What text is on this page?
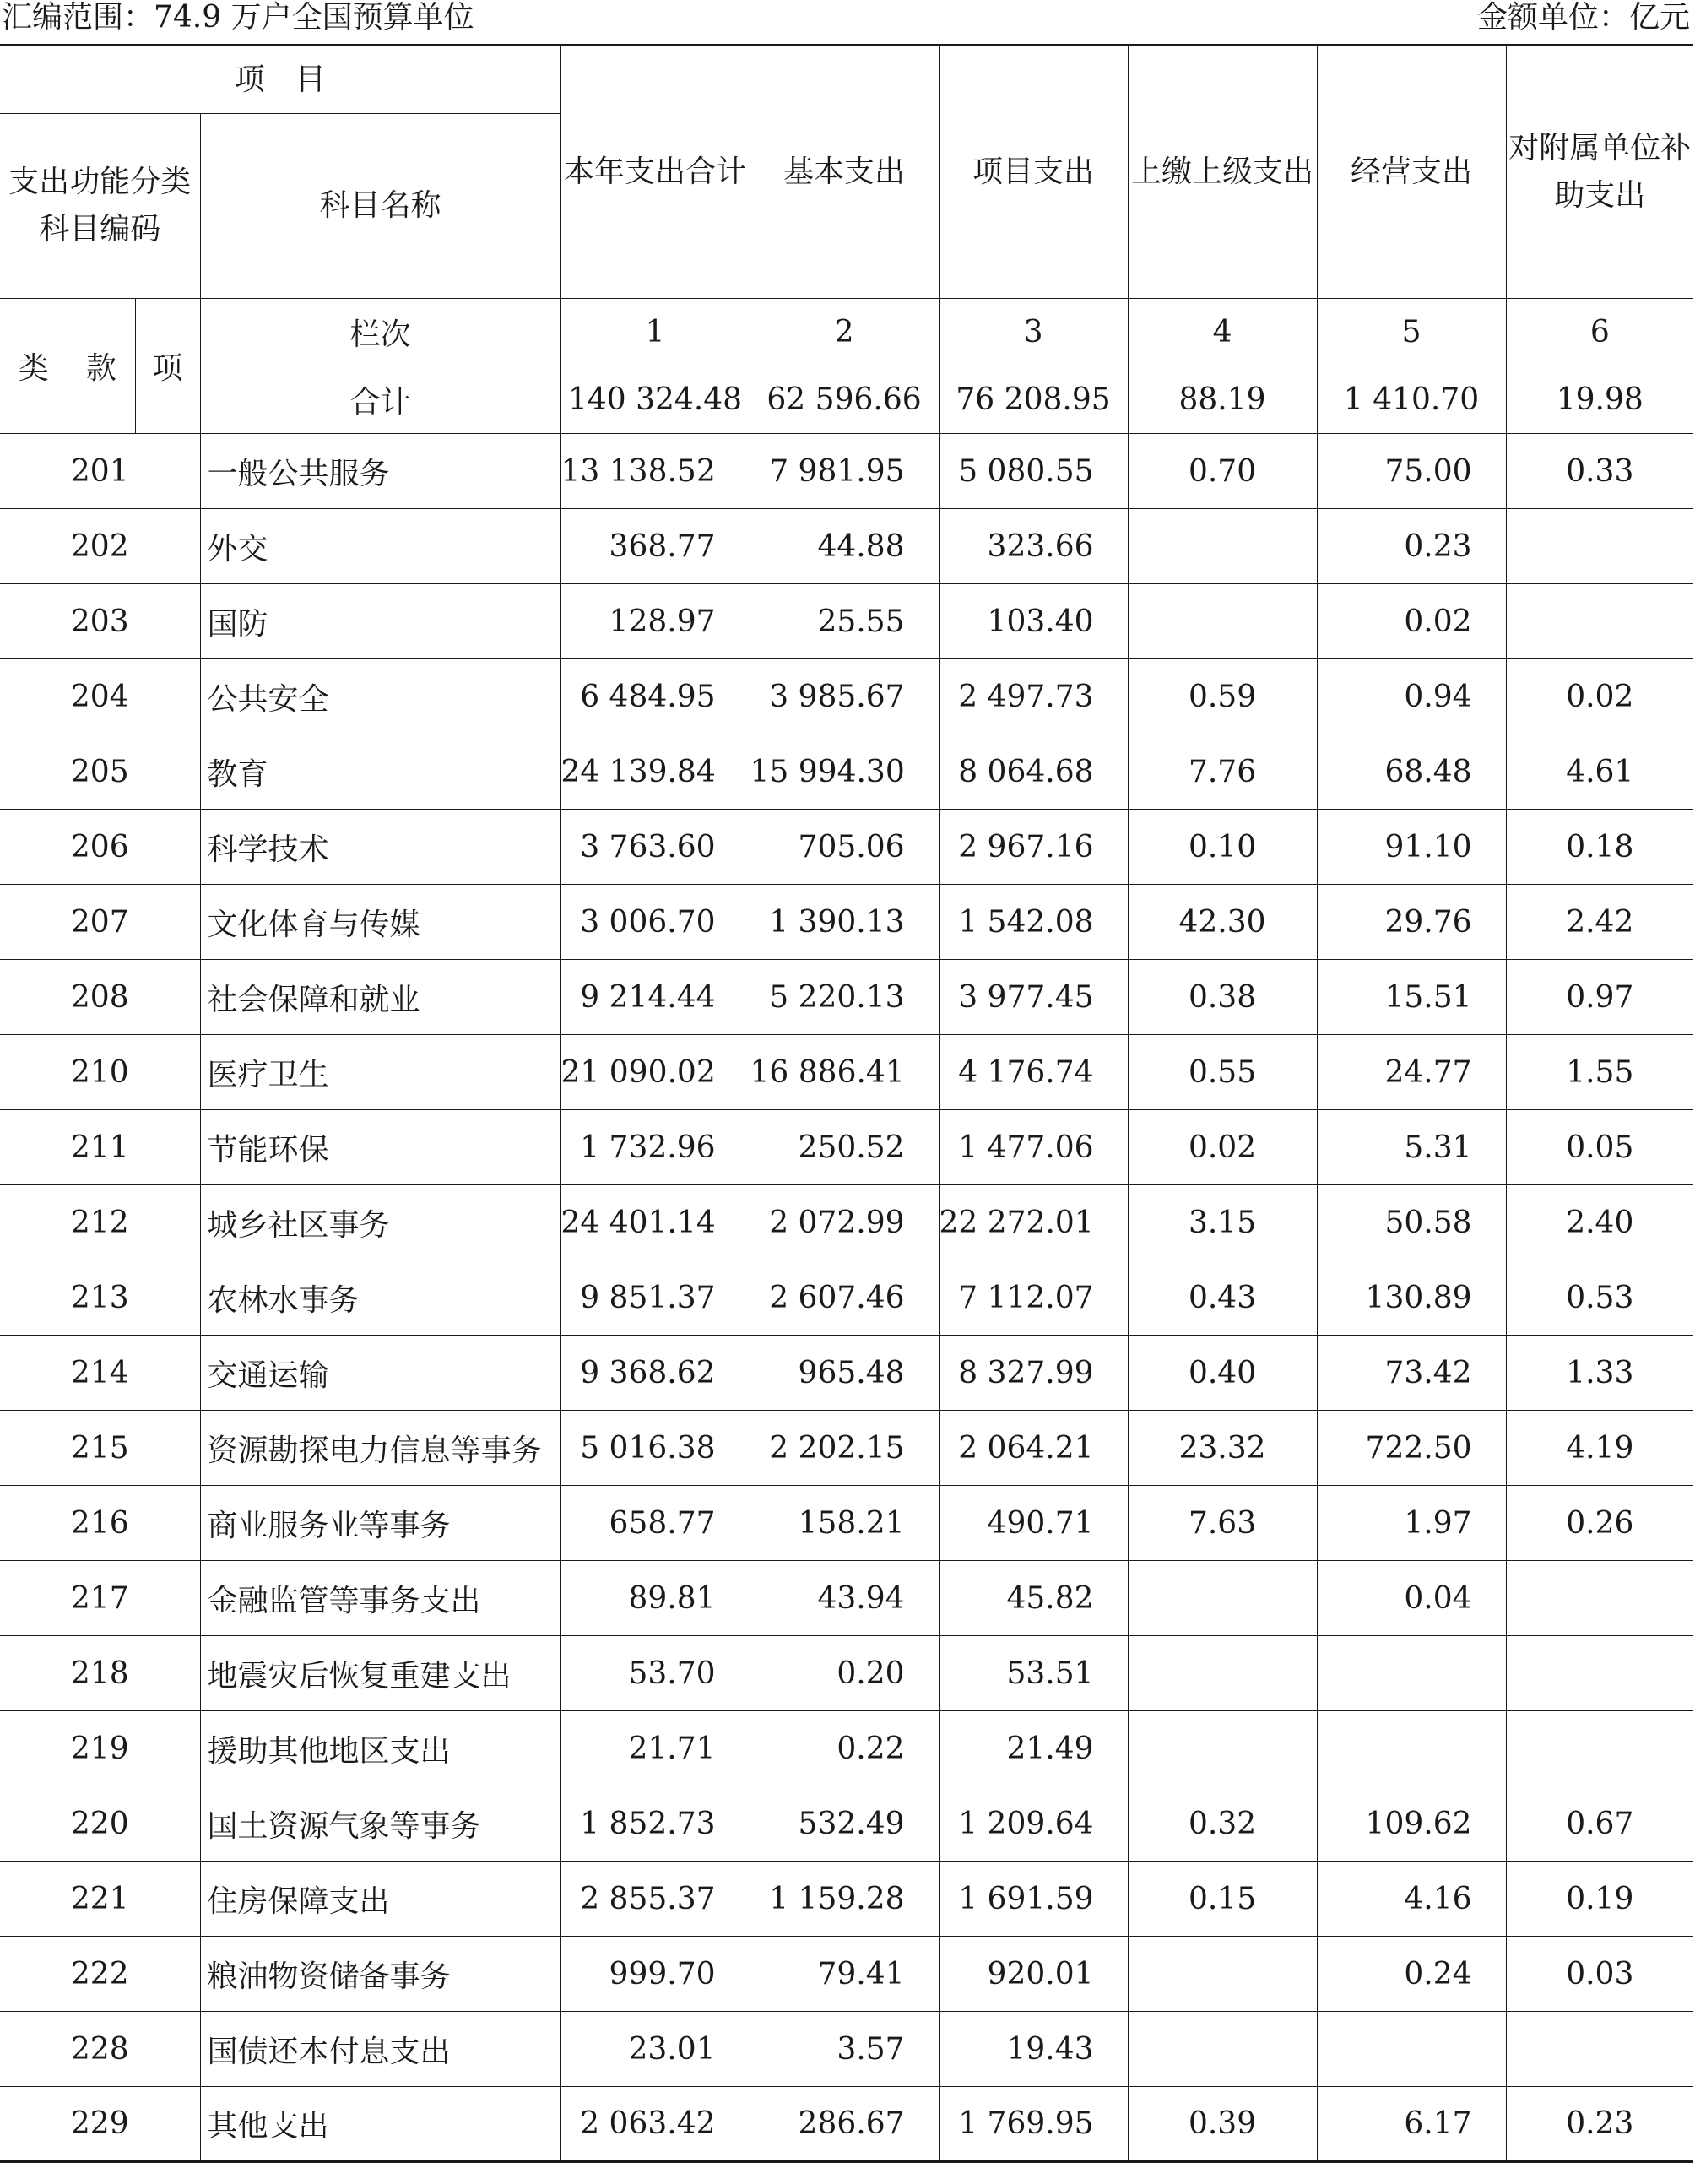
汇编范围：74.9 万户全国预算单位	金额单位：亿元
项　目				本年支出合计	基本支出	项目支出	上缴上级支出	经营支出	对附属单位补助支出
支出功能分类科目编码			科目名称						
类	款	项	栏次	1	2	3	4	5	6
			合计	140 324.48	62 596.66	76 208.95	88.19	1 410.70	19.98
201			一般公共服务	13 138.52	7 981.95	5 080.55	0.70	75.00	0.33
202			外交	368.77	44.88	323.66		0.23	
203			国防	128.97	25.55	103.40		0.02	
204			公共安全	6 484.95	3 985.67	2 497.73	0.59	0.94	0.02
205			教育	24 139.84	15 994.30	8 064.68	7.76	68.48	4.61
206			科学技术	3 763.60	705.06	2 967.16	0.10	91.10	0.18
207			文化体育与传媒	3 006.70	1 390.13	1 542.08	42.30	29.76	2.42
208			社会保障和就业	9 214.44	5 220.13	3 977.45	0.38	15.51	0.97
210			医疗卫生	21 090.02	16 886.41	4 176.74	0.55	24.77	1.55
211			节能环保	1 732.96	250.52	1 477.06	0.02	5.31	0.05
212			城乡社区事务	24 401.14	2 072.99	22 272.01	3.15	50.58	2.40
213			农林水事务	9 851.37	2 607.46	7 112.07	0.43	130.89	0.53
214			交通运输	9 368.62	965.48	8 327.99	0.40	73.42	1.33
215			资源勘探电力信息等事务	5 016.38	2 202.15	2 064.21	23.32	722.50	4.19
216			商业服务业等事务	658.77	158.21	490.71	7.63	1.97	0.26
217			金融监管等事务支出	89.81	43.94	45.82		0.04	
218			地震灾后恢复重建支出	53.70	0.20	53.51			
219			援助其他地区支出	21.71	0.22	21.49			
220			国土资源气象等事务	1 852.73	532.49	1 209.64	0.32	109.62	0.67
221			住房保障支出	2 855.37	1 159.28	1 691.59	0.15	4.16	0.19
222			粮油物资储备事务	999.70	79.41	920.01		0.24	0.03
228			国债还本付息支出	23.01	3.57	19.43			
229			其他支出	2 063.42	286.67	1 769.95	0.39	6.17	0.23
